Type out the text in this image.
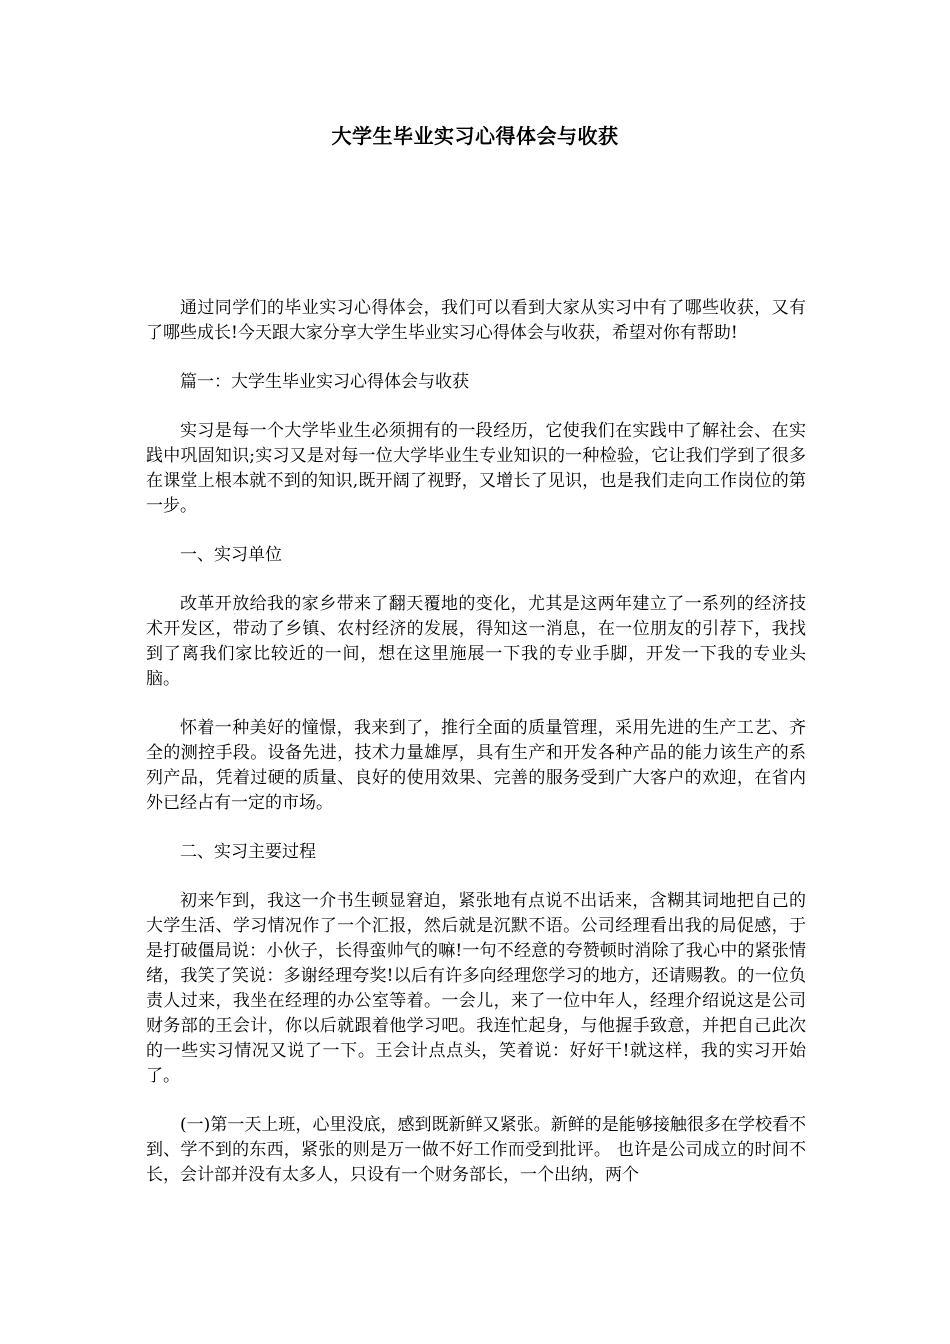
大学生毕业实习心得体会与收获

通过同学们的毕业实习心得体会，我们可以看到大家从实习中有了哪些收获，又有了哪些成长!今天跟大家分享大学生毕业实习心得体会与收获，希望对你有帮助!

篇一：大学生毕业实习心得体会与收获

实习是每一个大学毕业生必须拥有的一段经历，它使我们在实践中了解社会、在实践中巩固知识;实习又是对每一位大学毕业生专业知识的一种检验，它让我们学到了很多在课堂上根本就不到的知识,既开阔了视野，又增长了见识，也是我们走向工作岗位的第一步。

一、实习单位

改革开放给我的家乡带来了翻天覆地的变化，尤其是这两年建立了一系列的经济技术开发区，带动了乡镇、农村经济的发展，得知这一消息，在一位朋友的引荐下，我找到了离我们家比较近的一间，想在这里施展一下我的专业手脚，开发一下我的专业头脑。

怀着一种美好的憧憬，我来到了，推行全面的质量管理，采用先进的生产工艺、齐全的测控手段。设备先进，技术力量雄厚，具有生产和开发各种产品的能力该生产的系列产品，凭着过硬的质量、良好的使用效果、完善的服务受到广大客户的欢迎，在省内外已经占有一定的市场。

二、实习主要过程

初来乍到，我这一介书生顿显窘迫，紧张地有点说不出话来，含糊其词地把自己的大学生活、学习情况作了一个汇报，然后就是沉默不语。公司经理看出我的局促感，于是打破僵局说：小伙子，长得蛮帅气的嘛!一句不经意的夸赞顿时消除了我心中的紧张情绪，我笑了笑说：多谢经理夸奖!以后有许多向经理您学习的地方，还请赐教。的一位负责人过来，我坐在经理的办公室等着。一会儿，来了一位中年人，经理介绍说这是公司财务部的王会计，你以后就跟着他学习吧。我连忙起身，与他握手致意，并把自己此次的一些实习情况又说了一下。王会计点点头，笑着说：好好干!就这样，我的实习开始了。

(一)第一天上班，心里没底，感到既新鲜又紧张。新鲜的是能够接触很多在学校看不到、学不到的东西，紧张的则是万一做不好工作而受到批评。 也许是公司成立的时间不长，会计部并没有太多人，只设有一个财务部长，一个出纳，两个
